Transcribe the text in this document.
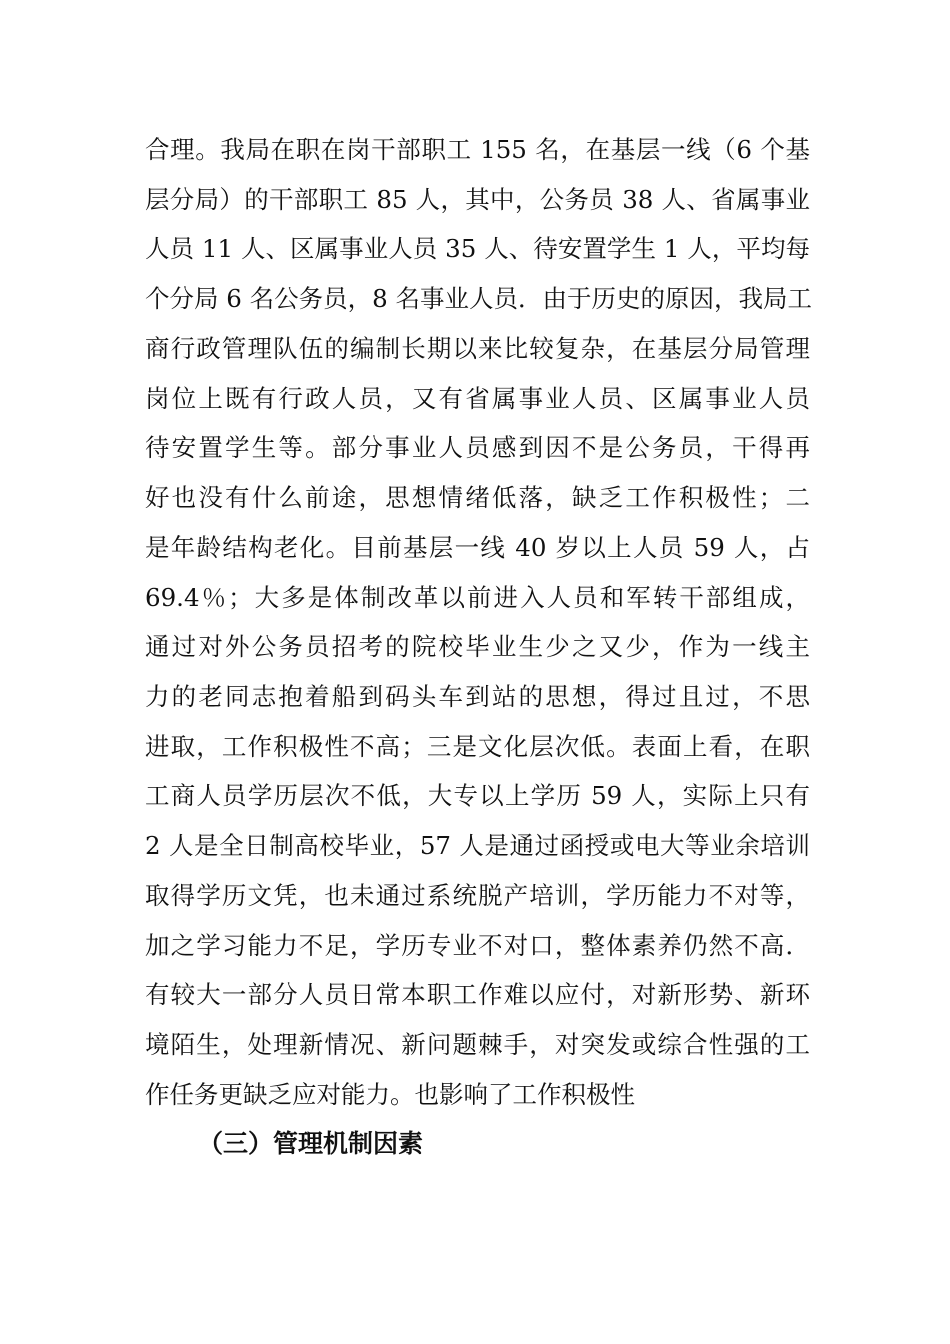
合理。我局在职在岗干部职工 155 名，在基层一线（6 个基
层分局）的干部职工 85 人，其中，公务员 38 人、省属事业
人员 11 人、区属事业人员 35 人、待安置学生 1 人，平均每
个分局 6 名公务员，8 名事业人员．由于历史的原因，我局工
商行政管理队伍的编制长期以来比较复杂，在基层分局管理
岗位上既有行政人员，又有省属事业人员、区属事业人员
待安置学生等。部分事业人员感到因不是公务员，干得再
好也没有什么前途，思想情绪低落，缺乏工作积极性；二
是年龄结构老化。目前基层一线 40 岁以上人员 59 人，占
69.4％；大多是体制改革以前进入人员和军转干部组成，
通过对外公务员招考的院校毕业生少之又少，作为一线主
力的老同志抱着船到码头车到站的思想，得过且过，不思
进取，工作积极性不高；三是文化层次低。表面上看，在职
工商人员学历层次不低，大专以上学历 59 人，实际上只有
2 人是全日制高校毕业，57 人是通过函授或电大等业余培训
取得学历文凭，也未通过系统脱产培训，学历能力不对等，
加之学习能力不足，学历专业不对口，整体素养仍然不高．
有较大一部分人员日常本职工作难以应付，对新形势、新环
境陌生，处理新情况、新问题棘手，对突发或综合性强的工
作任务更缺乏应对能力。也影响了工作积极性
（三）管理机制因素
